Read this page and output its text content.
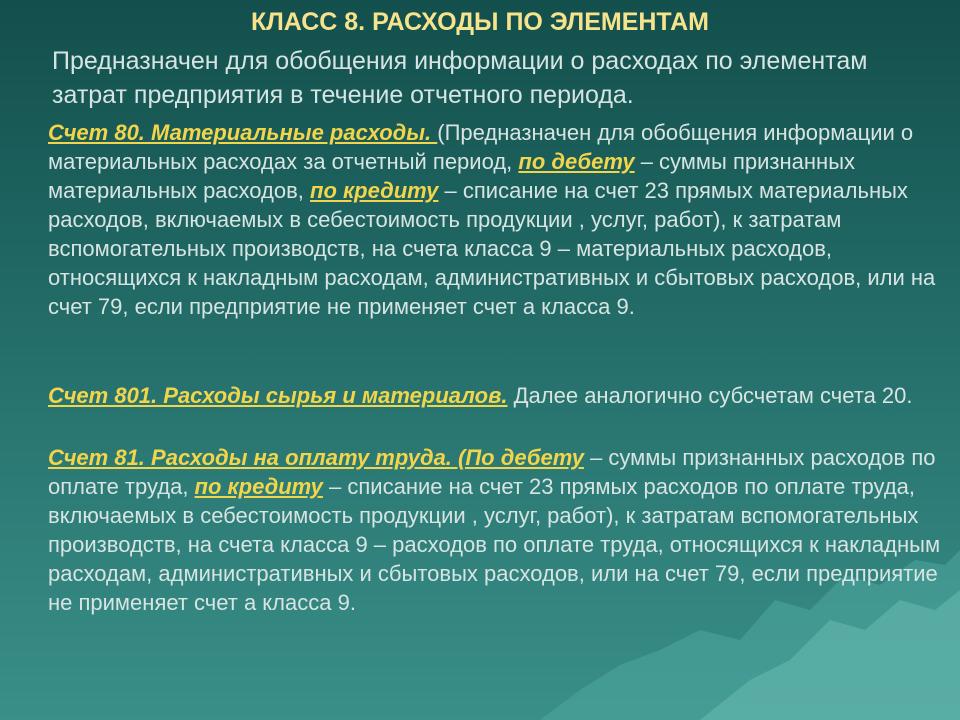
КЛАСС 8. РАСХОДЫ ПО ЭЛЕМЕНТАМ
Предназначен для обобщения информации о расходах по элементам затрат предприятия в течение отчетного периода.
Счет 80. Материальные расходы. (Предназначен для обобщения информации о материальных расходах за отчетный период, по дебету – суммы признанных материальных расходов, по кредиту – списание на счет 23 прямых материальных расходов, включаемых в себестоимость продукции , услуг, работ), к затратам вспомогательных производств, на счета класса 9 – материальных расходов, относящихся к накладным расходам, административных и сбытовых расходов, или на счет 79, если предприятие не применяет счет а класса 9.
Счет 801. Расходы сырья и материалов. Далее аналогично субсчетам счета 20.
Счет 81. Расходы на оплату труда. (По дебету – суммы признанных расходов по оплате труда, по кредиту – списание на счет 23 прямых расходов по оплате труда, включаемых в себестоимость продукции , услуг, работ), к затратам вспомогательных производств, на счета класса 9 – расходов по оплате труда, относящихся к накладным расходам, административных и сбытовых расходов, или на счет 79, если предприятие не применяет счет а класса 9.
